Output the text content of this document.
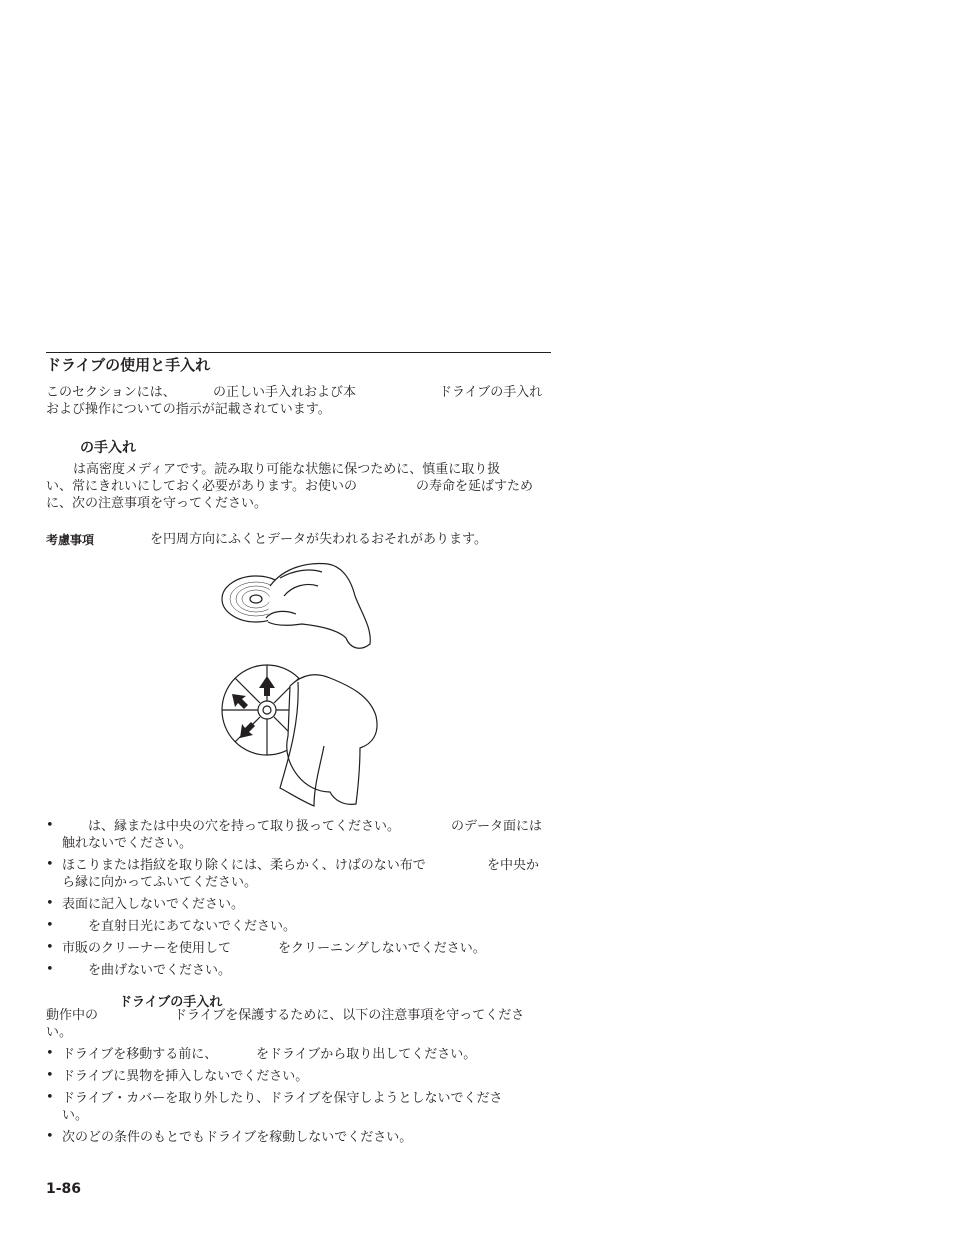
ドライブの使用と手入れ
このセクションには、	の正しい手入れおよび本	ドライブの手入れ
および操作についての指示が記載されています。
の手入れ
は高密度メディアです。読み取り可能な状態に保つために、慎重に取り扱
い、常にきれいにしておく必要があります。お使いの	の寿命を延ばすため
に、次の注意事項を守ってください。
考慮事項	を円周方向にふくとデータが失われるおそれがあります。
•	は、縁または中央の穴を持って取り扱ってください。	のデータ面には
触れないでください。
• ほこりまたは指紋を取り除くには、柔らかく、けばのない布で	を中央か
ら縁に向かってふいてください。
• 表面に記入しないでください。
•	を直射日光にあてないでください。
• 市販のクリーナーを使用して	をクリーニングしないでください。
•	を曲げないでください。
ドライブの手入れ
動作中の	ドライブを保護するために、以下の注意事項を守ってくださ
い。
• ドライブを移動する前に、	をドライブから取り出してください。
• ドライブに異物を挿入しないでください。
• ドライブ・カバーを取り外したり、ドライブを保守しようとしないでくださ
い。
• 次のどの条件のもとでもドライブを稼動しないでください。
1-86
